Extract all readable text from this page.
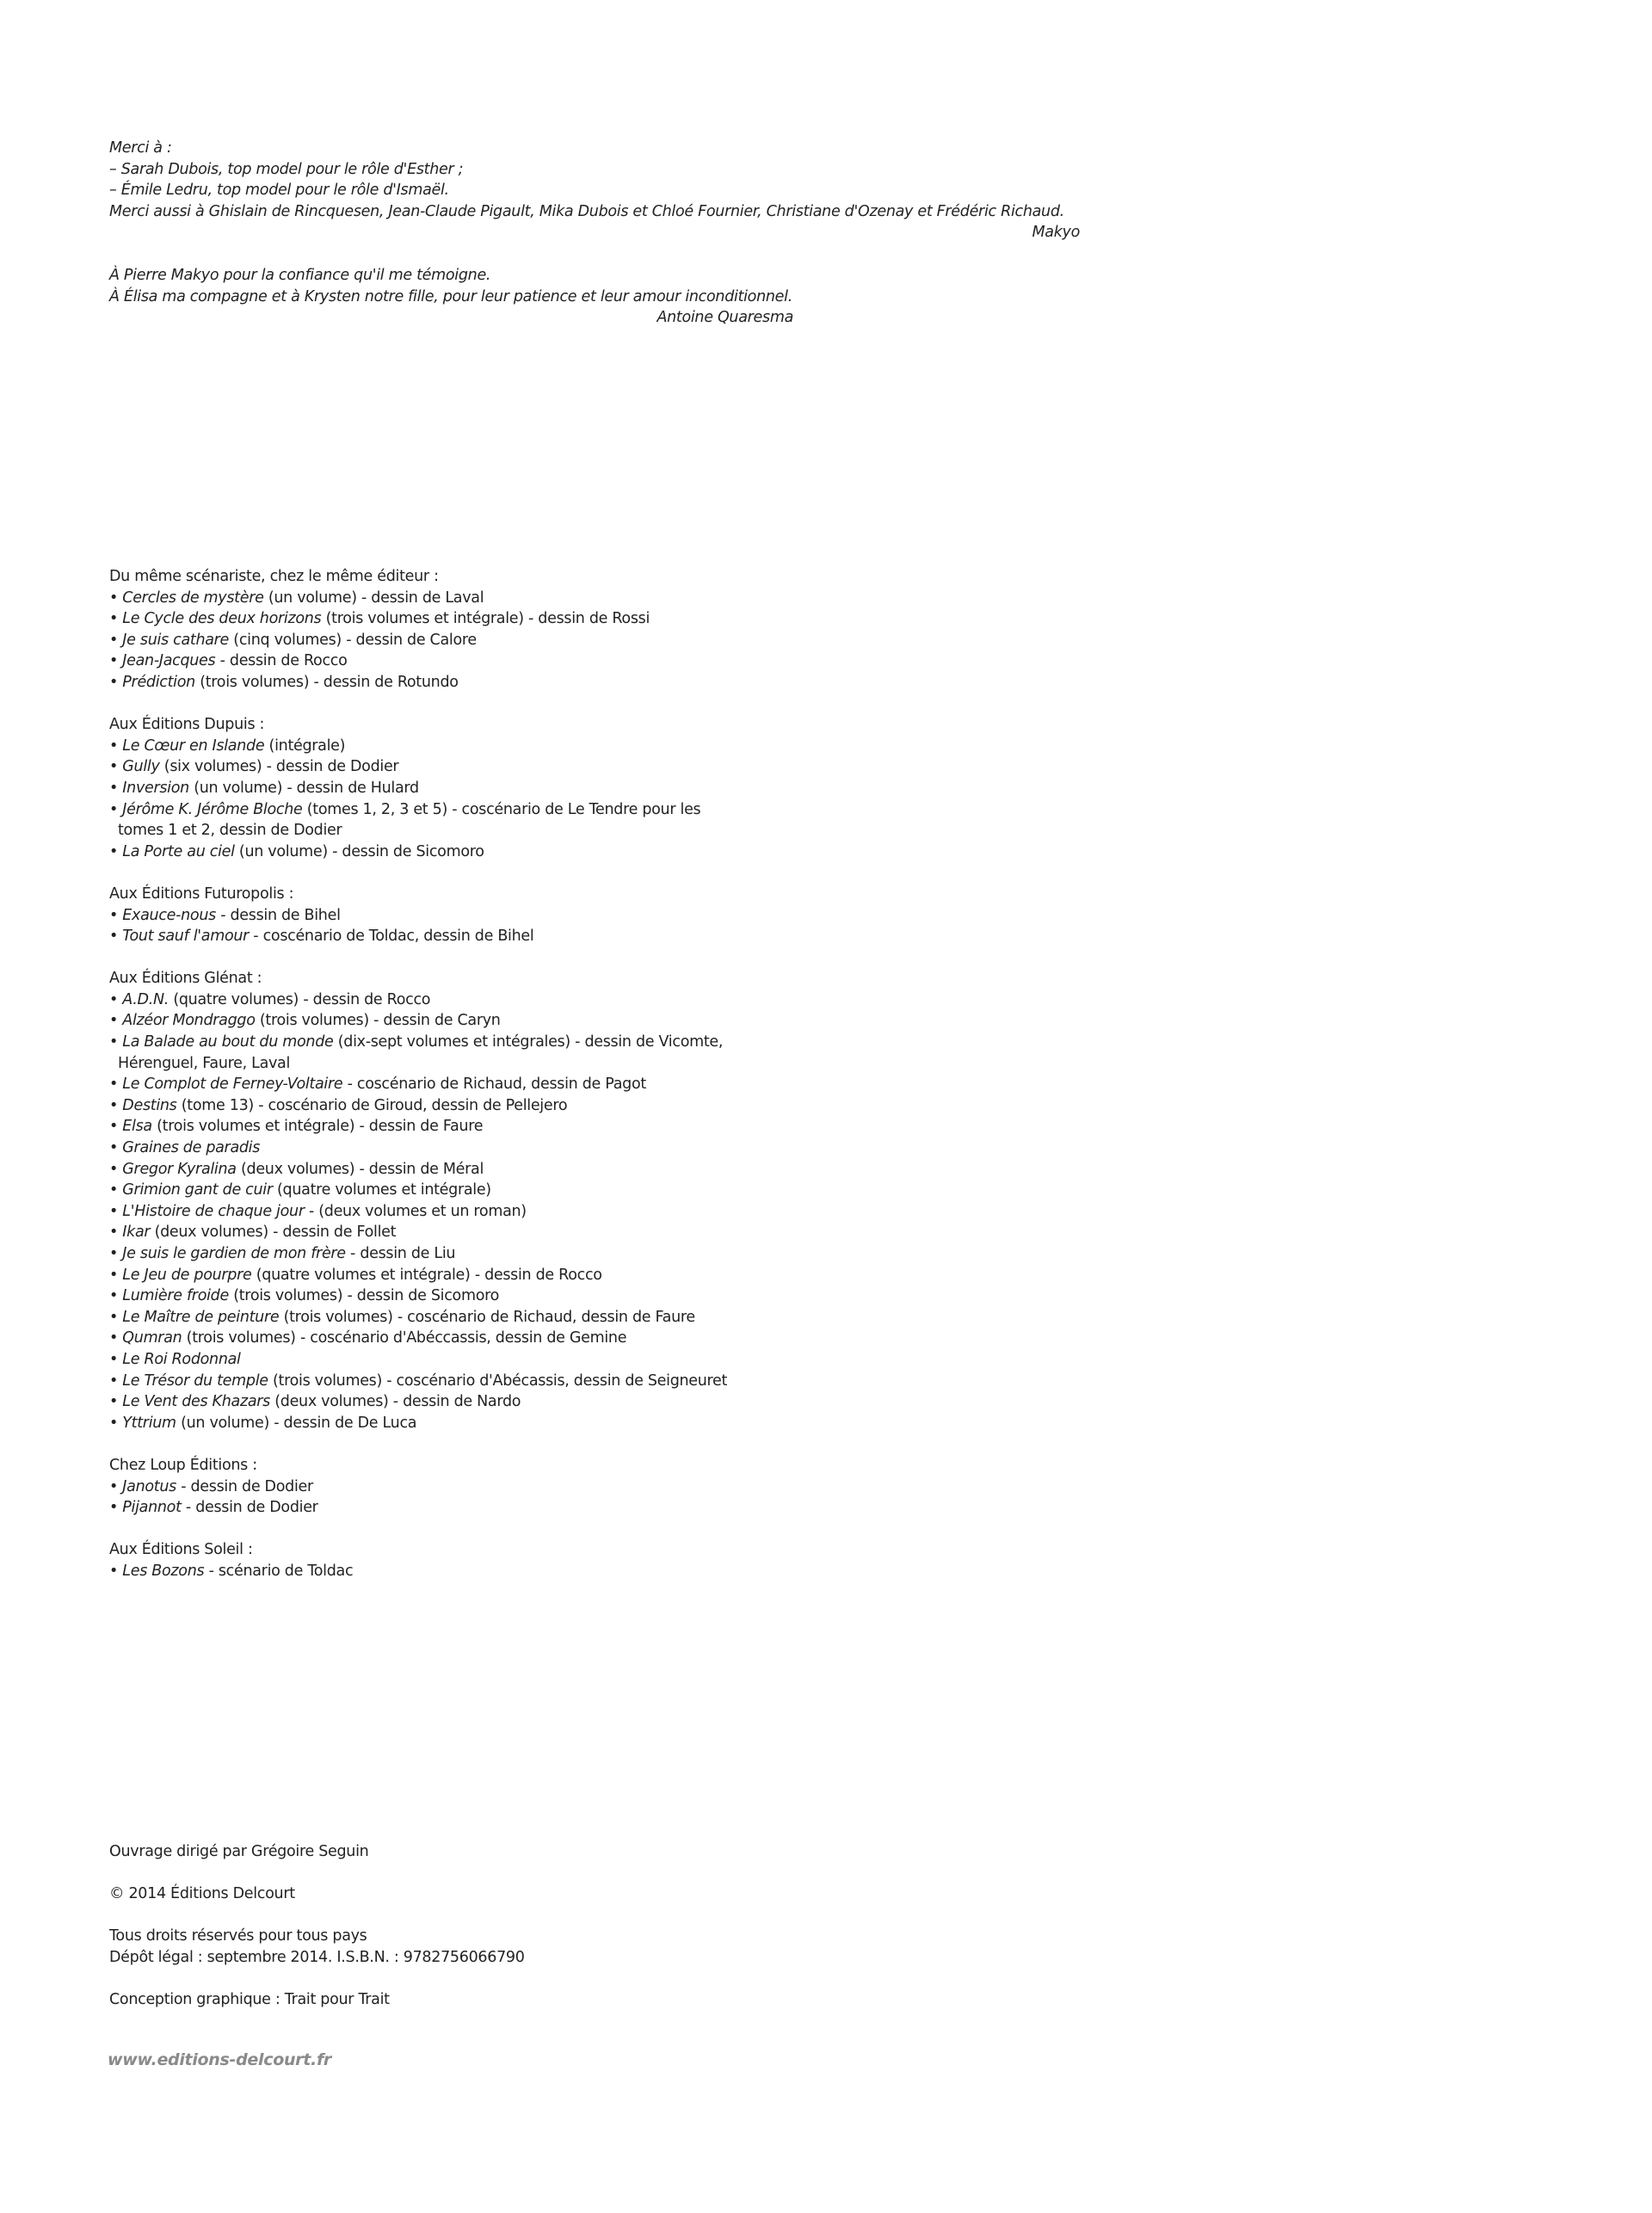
Merci à :
– Sarah Dubois, top model pour le rôle d'Esther ;
– Émile Ledru, top model pour le rôle d'Ismaël.
Merci aussi à Ghislain de Rincquesen, Jean-Claude Pigault, Mika Dubois et Chloé Fournier, Christiane d'Ozenay et Frédéric Richaud.
Makyo
À Pierre Makyo pour la confiance qu'il me témoigne.
À Élisa ma compagne et à Krysten notre fille, pour leur patience et leur amour inconditionnel.
Antoine Quaresma
Du même scénariste, chez le même éditeur :
• Cercles de mystère (un volume) - dessin de Laval
• Le Cycle des deux horizons (trois volumes et intégrale) - dessin de Rossi
• Je suis cathare (cinq volumes) - dessin de Calore
• Jean-Jacques - dessin de Rocco
• Prédiction (trois volumes) - dessin de Rotundo
Aux Éditions Dupuis :
• Le Cœur en Islande (intégrale)
• Gully (six volumes) - dessin de Dodier
• Inversion (un volume) - dessin de Hulard
• Jérôme K. Jérôme Bloche (tomes 1, 2, 3 et 5) - coscénario de Le Tendre pour les
tomes 1 et 2, dessin de Dodier
• La Porte au ciel (un volume) - dessin de Sicomoro
Aux Éditions Futuropolis :
• Exauce-nous - dessin de Bihel
• Tout sauf l'amour - coscénario de Toldac, dessin de Bihel
Aux Éditions Glénat :
• A.D.N. (quatre volumes) - dessin de Rocco
• Alzéor Mondraggo (trois volumes) - dessin de Caryn
• La Balade au bout du monde (dix-sept volumes et intégrales) - dessin de Vicomte,
Hérenguel, Faure, Laval
• Le Complot de Ferney-Voltaire - coscénario de Richaud, dessin de Pagot
• Destins (tome 13) - coscénario de Giroud, dessin de Pellejero
• Elsa (trois volumes et intégrale) - dessin de Faure
• Graines de paradis
• Gregor Kyralina (deux volumes) - dessin de Méral
• Grimion gant de cuir (quatre volumes et intégrale)
• L'Histoire de chaque jour - (deux volumes et un roman)
• Ikar (deux volumes) - dessin de Follet
• Je suis le gardien de mon frère - dessin de Liu
• Le Jeu de pourpre (quatre volumes et intégrale) - dessin de Rocco
• Lumière froide (trois volumes) - dessin de Sicomoro
• Le Maître de peinture (trois volumes) - coscénario de Richaud, dessin de Faure
• Qumran (trois volumes) - coscénario d'Abéccassis, dessin de Gemine
• Le Roi Rodonnal
• Le Trésor du temple (trois volumes) - coscénario d'Abécassis, dessin de Seigneuret
• Le Vent des Khazars (deux volumes) - dessin de Nardo
• Yttrium (un volume) - dessin de De Luca
Chez Loup Éditions :
• Janotus - dessin de Dodier
• Pijannot - dessin de Dodier
Aux Éditions Soleil :
• Les Bozons - scénario de Toldac
Ouvrage dirigé par Grégoire Seguin
© 2014 Éditions Delcourt
Tous droits réservés pour tous pays
Dépôt légal : septembre 2014. I.S.B.N. : 9782756066790
Conception graphique : Trait pour Trait
www.editions-delcourt.fr
